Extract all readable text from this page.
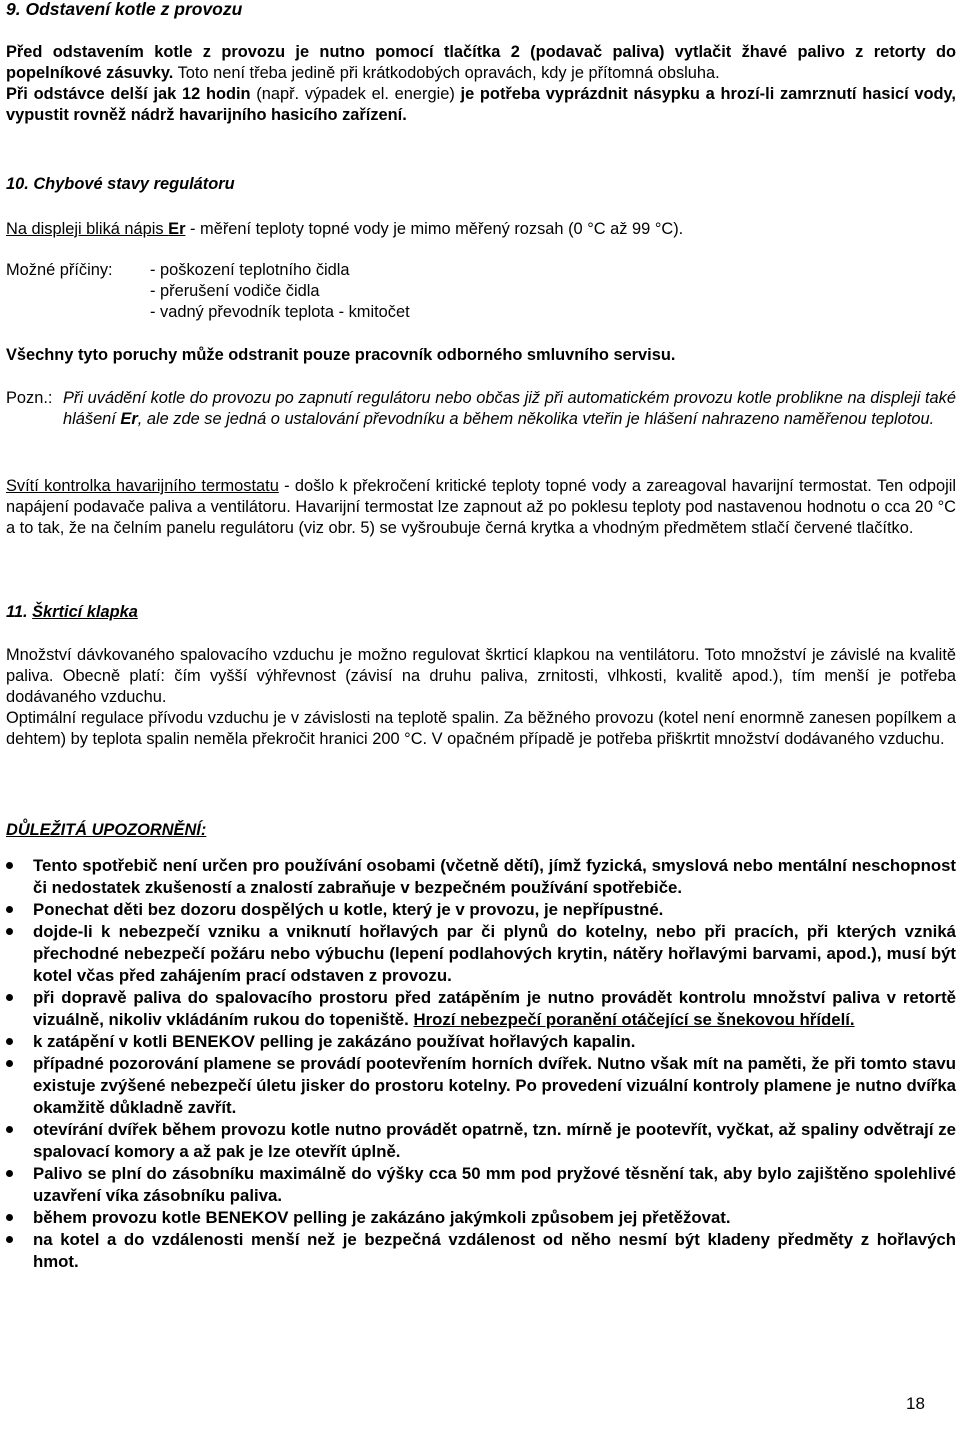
9. Odstavení kotle z provozu

Před odstavením kotle z provozu je nutno pomocí tlačítka 2 (podavač paliva) vytlačit žhavé palivo z retorty do popelníkové zásuvky. Toto není třeba jedině při krátkodobých opravách, kdy je přítomná obsluha.

Při odstávce delší jak 12 hodin (např. výpadek el. energie) je potřeba vyprázdnit násypku a hrozí-li zamrznutí hasicí vody, vypustit rovněž nádrž havarijního hasicího zařízení.

10. Chybové stavy regulátoru
Na displeji bliká nápis Er - měření teploty topné vody je mimo měřený rozsah (0 °C až 99 °C).
Možné příčiny: - poškození teplotního čidla
- přerušení vodiče čidla
- vadný převodník teplota - kmitočet
Všechny tyto poruchy může odstranit pouze pracovník odborného smluvního servisu.
Pozn.: Při uvádění kotle do provozu po zapnutí regulátoru nebo občas již při automatickém provozu kotle problikne na displeji také hlášení Er, ale zde se jedná o ustalování převodníku a během několika vteřin je hlášení nahrazeno naměřenou teplotou.
Svítí kontrolka havarijního termostatu - došlo k překročení kritické teploty topné vody a zareagoval havarijní termostat. Ten odpojil napájení podavače paliva a ventilátoru. Havarijní termostat lze zapnout až po poklesu teploty pod nastavenou hodnotu o cca 20 °C a to tak, že na čelním panelu regulátoru (viz obr. 5) se vyšroubuje černá krytka a vhodným předmětem stlačí červené tlačítko.
11. Škrticí klapka

Množství dávkovaného spalovacího vzduchu je možno regulovat škrticí klapkou na ventilátoru. Toto množství je závislé na kvalitě paliva. Obecně platí: čím vyšší výhřevnost (závisí na druhu paliva, zrnitosti, vlhkosti, kvalitě apod.), tím menší je potřeba dodávaného vzduchu.

Optimální regulace přívodu vzduchu je v závislosti na teplotě spalin. Za běžného provozu (kotel není enormně zanesen popílkem a dehtem) by teplota spalin neměla překročit hranici 200 °C. V opačném případě je potřeba přiškrtit množství dodávaného vzduchu.

DŮLEŽITÁ UPOZORNĚNÍ:
Tento spotřebič není určen pro používání osobami (včetně dětí), jímž fyzická, smyslová nebo mentální neschopnost či nedostatek zkušeností a znalostí zabraňuje v bezpečném používání spotřebiče.
Ponechat děti bez dozoru dospělých u kotle, který je v provozu, je nepřípustné.
dojde-li k nebezpečí vzniku a vniknutí hořlavých par či plynů do kotelny, nebo při pracích, při kterých vzniká přechodné nebezpečí požáru nebo výbuchu (lepení podlahových krytin, nátěry hořlavými barvami, apod.), musí být kotel včas před zahájením prací odstaven z provozu.
při dopravě paliva do spalovacího prostoru před zatápěním je nutno provádět kontrolu množství paliva v retortě vizuálně, nikoliv vkládáním rukou do topeniště. Hrozí nebezpečí poranění otáčející se šnekovou hřídelí.
k zatápění v kotli BENEKOV pelling je zakázáno používat hořlavých kapalin.
případné pozorování plamene se provádí pootevřením horních dvířek. Nutno však mít na paměti, že při tomto stavu existuje zvýšené nebezpečí úletu jisker do prostoru kotelny. Po provedení vizuální kontroly plamene je nutno dvířka okamžitě důkladně zavřít.
otevírání dvířek během provozu kotle nutno provádět opatrně, tzn. mírně je pootevřít, vyčkat, až spaliny odvětrají ze spalovací komory a až pak je lze otevřít úplně.
Palivo se plní do zásobníku maximálně do výšky cca 50 mm pod pryžové těsnění tak, aby bylo zajištěno spolehlivé uzavření víka zásobníku paliva.
během provozu kotle BENEKOV pelling je zakázáno jakýmkoli způsobem jej přetěžovat.
na kotel a do vzdálenosti menší než je bezpečná vzdálenost od něho nesmí být kladeny předměty z hořlavých hmot.
18
